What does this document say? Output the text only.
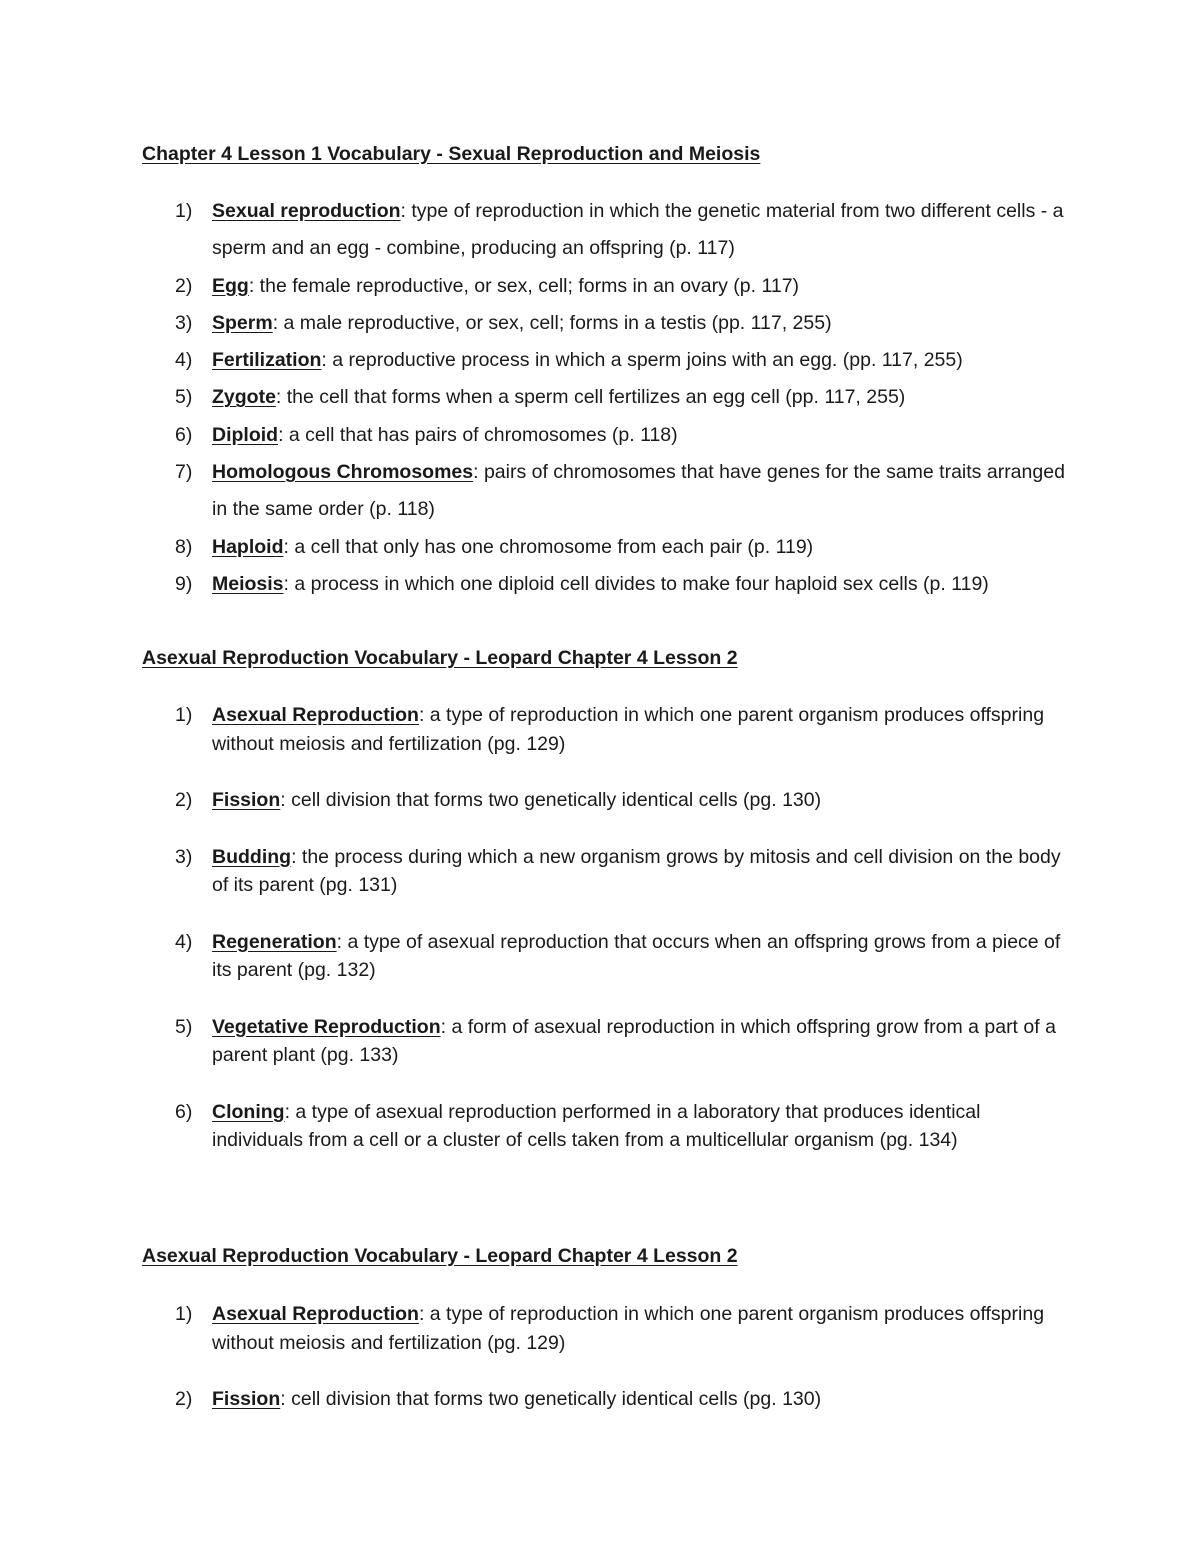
Chapter 4 Lesson 1 Vocabulary - Sexual Reproduction and Meiosis
1) Sexual reproduction: type of reproduction in which the genetic material from two different cells - a sperm and an egg - combine, producing an offspring (p. 117)
2) Egg: the female reproductive, or sex, cell; forms in an ovary (p. 117)
3) Sperm: a male reproductive, or sex, cell; forms in a testis (pp. 117, 255)
4) Fertilization: a reproductive process in which a sperm joins with an egg. (pp. 117, 255)
5) Zygote: the cell that forms when a sperm cell fertilizes an egg cell (pp. 117, 255)
6) Diploid: a cell that has pairs of chromosomes (p. 118)
7) Homologous Chromosomes: pairs of chromosomes that have genes for the same traits arranged in the same order (p. 118)
8) Haploid: a cell that only has one chromosome from each pair (p. 119)
9) Meiosis: a process in which one diploid cell divides to make four haploid sex cells (p. 119)
Asexual Reproduction Vocabulary - Leopard Chapter 4 Lesson 2
1) Asexual Reproduction: a type of reproduction in which one parent organism produces offspring without meiosis and fertilization (pg. 129)
2) Fission: cell division that forms two genetically identical cells (pg. 130)
3) Budding: the process during which a new organism grows by mitosis and cell division on the body of its parent (pg. 131)
4) Regeneration: a type of asexual reproduction that occurs when an offspring grows from a piece of its parent (pg. 132)
5) Vegetative Reproduction: a form of asexual reproduction in which offspring grow from a part of a parent plant (pg. 133)
6) Cloning: a type of asexual reproduction performed in a laboratory that produces identical individuals from a cell or a cluster of cells taken from a multicellular organism (pg. 134)
Asexual Reproduction Vocabulary - Leopard Chapter 4 Lesson 2
1) Asexual Reproduction: a type of reproduction in which one parent organism produces offspring without meiosis and fertilization (pg. 129)
2) Fission: cell division that forms two genetically identical cells (pg. 130)
